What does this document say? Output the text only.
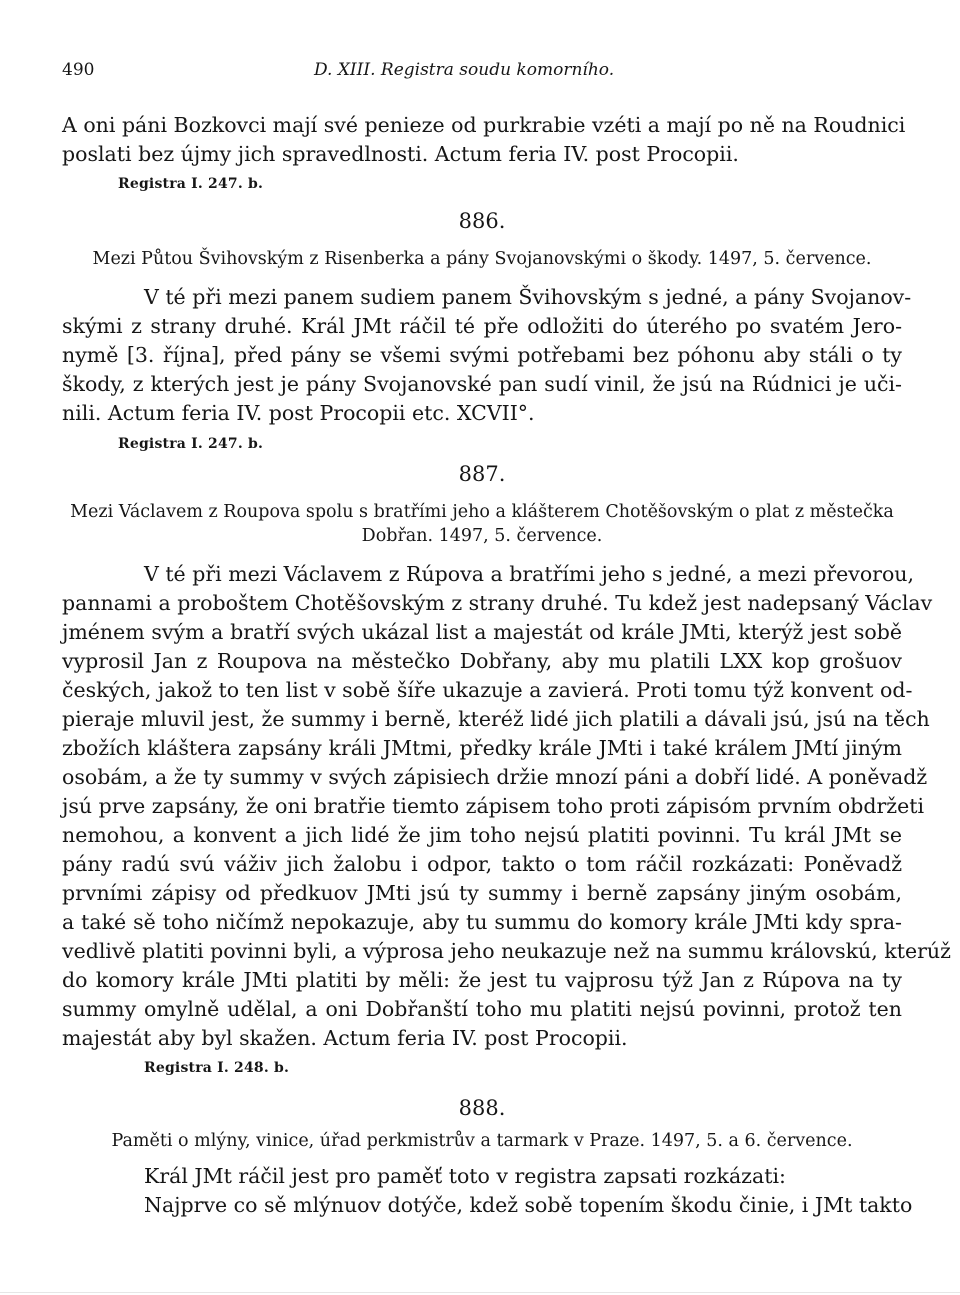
490	D. XIII. Registra soudu komorního.
A oni páni Bozkovci mají své penieze od purkrabie vzéti a mají po ně na Roudnici
poslati bez újmy jich spravedlnosti. Actum feria IV. post Procopii.
Registra I. 247. b.
886.
Mezi Půtou Švihovským z Risenberka a pány Svojanovskými o škody. 1497, 5. července.
V té při mezi panem sudiem panem Švihovským s jedné, a pány Svojanov-
skými z strany druhé. Král JMt ráčil té pře odložiti do úterého po svatém Jero-
nymě [3. října], před pány se všemi svými potřebami bez póhonu aby stáli o ty
škody, z kterých jest je pány Svojanovské pan sudí vinil, že jsú na Rúdnici je uči-
nili. Actum feria IV. post Procopii etc. XCVII°.
Registra I. 247. b.
887.
Mezi Václavem z Roupova spolu s bratřími jeho a klášterem Chotěšovským o plat z městečka
Dobřan. 1497, 5. července.
V té při mezi Václavem z Rúpova a bratřími jeho s jedné, a mezi převorou,
pannami a proboštem Chotěšovským z strany druhé. Tu kdež jest nadepsaný Václav
jménem svým a bratří svých ukázal list a majestát od krále JMti, kterýž jest sobě
vyprosil Jan z Roupova na městečko Dobřany, aby mu platili LXX kop grošuov
českých, jakož to ten list v sobě šíře ukazuje a zavierá. Proti tomu týž konvent od-
pieraje mluvil jest, že summy i berně, kteréž lidé jich platili a dávali jsú, jsú na těch
zbožích kláštera zapsány králi JMtmi, předky krále JMti i také králem JMtí jiným
osobám, a že ty summy v svých zápisiech držie mnozí páni a dobří lidé. A poněvadž
jsú prve zapsány, že oni bratřie tiemto zápisem toho proti zápisóm prvním obdržeti
nemohou, a konvent a jich lidé že jim toho nejsú platiti povinni. Tu král JMt se
pány radú svú váživ jich žalobu i odpor, takto o tom ráčil rozkázati: Poněvadž
prvními zápisy od předkuov JMti jsú ty summy i berně zapsány jiným osobám,
a také sě toho ničímž nepokazuje, aby tu summu do komory krále JMti kdy spra-
vedlivě platiti povinni byli, a výprosa jeho neukazuje než na summu královskú, kterúž
do komory krále JMti platiti by měli: že jest tu vajprosu týž Jan z Rúpova na ty
summy omylně udělal, a oni Dobřanští toho mu platiti nejsú povinni, protož ten
majestát aby byl skažen. Actum feria IV. post Procopii.
Registra I. 248. b.
888.
Paměti o mlýny, vinice, úřad perkmistrův a tarmark v Praze. 1497, 5. a 6. července.
Král JMt ráčil jest pro paměť toto v registra zapsati rozkázati:
Najprve co sě mlýnuov dotýče, kdež sobě topením škodu činie, i JMt takto
